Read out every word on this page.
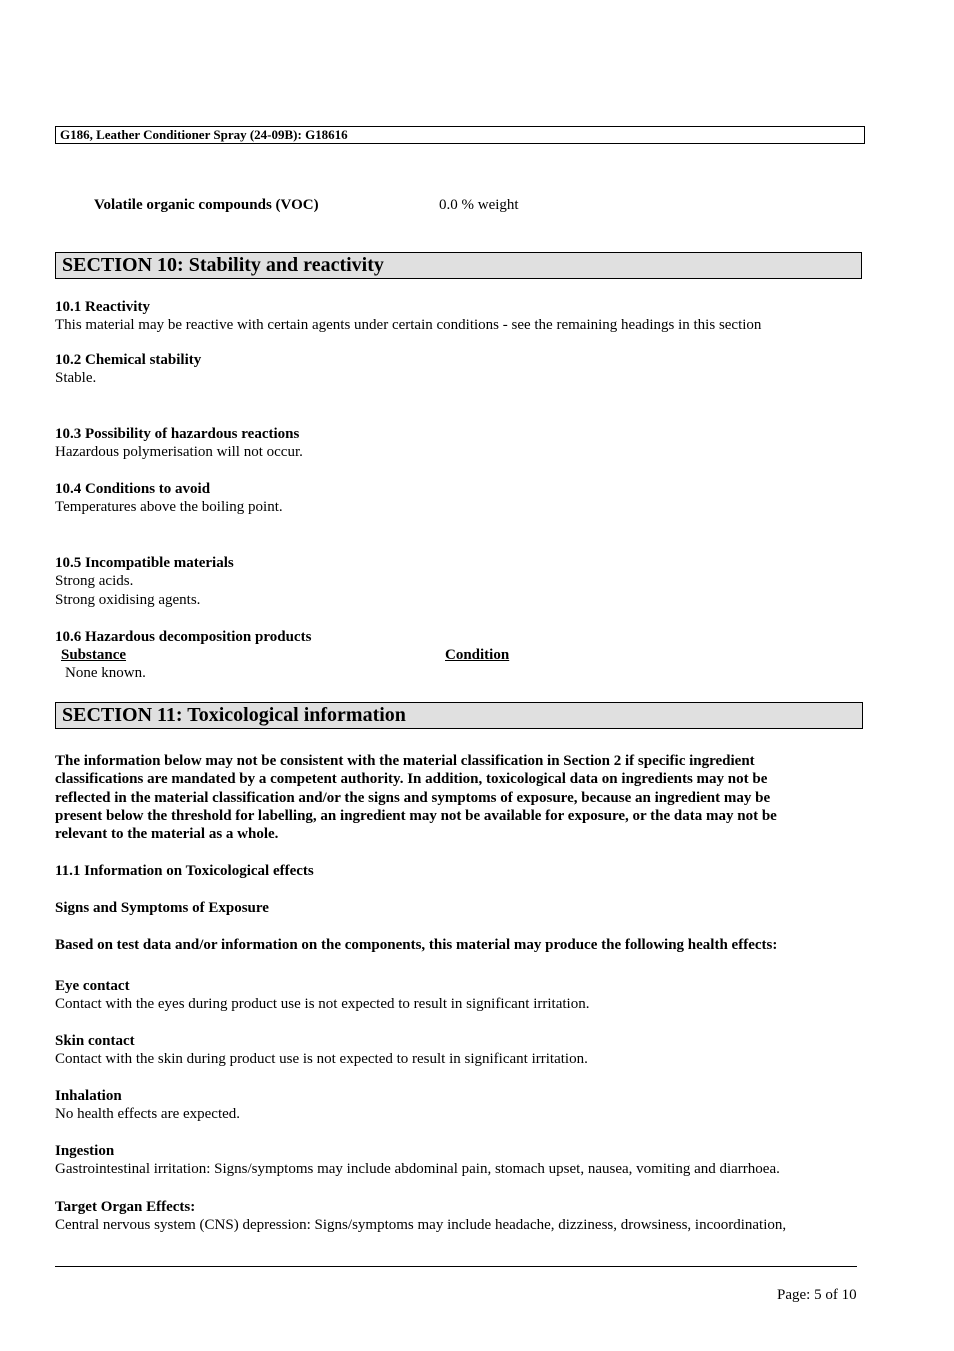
G186, Leather Conditioner Spray (24-09B): G18616
Volatile organic compounds (VOC)	0.0 % weight
SECTION 10: Stability and reactivity
10.1 Reactivity
This material may be reactive with certain agents under certain conditions - see the remaining headings in this section
10.2 Chemical stability
Stable.
10.3 Possibility of hazardous reactions
Hazardous polymerisation will not occur.
10.4 Conditions to avoid
Temperatures above the boiling point.
10.5 Incompatible materials
Strong acids.
Strong oxidising agents.
10.6 Hazardous decomposition products
Substance	Condition
None known.
SECTION 11: Toxicological information
The information below may not be consistent with the material classification in Section 2 if specific ingredient
classifications are mandated by a competent authority. In addition, toxicological data on ingredients may not be
reflected in the material classification and/or the signs and symptoms of exposure, because an ingredient may be
present below the threshold for labelling, an ingredient may not be available for exposure, or the data may not be
relevant to the material as a whole.
11.1 Information on Toxicological effects
Signs and Symptoms of Exposure
Based on test data and/or information on the components, this material may produce the following health effects:
Eye contact
Contact with the eyes during product use is not expected to result in significant irritation.
Skin contact
Contact with the skin during product use is not expected to result in significant irritation.
Inhalation
No health effects are expected.
Ingestion
Gastrointestinal irritation: Signs/symptoms may include abdominal pain, stomach upset, nausea, vomiting and diarrhoea.
Target Organ Effects:
Central nervous system (CNS) depression: Signs/symptoms may include headache, dizziness, drowsiness, incoordination,
Page: 5 of 10
